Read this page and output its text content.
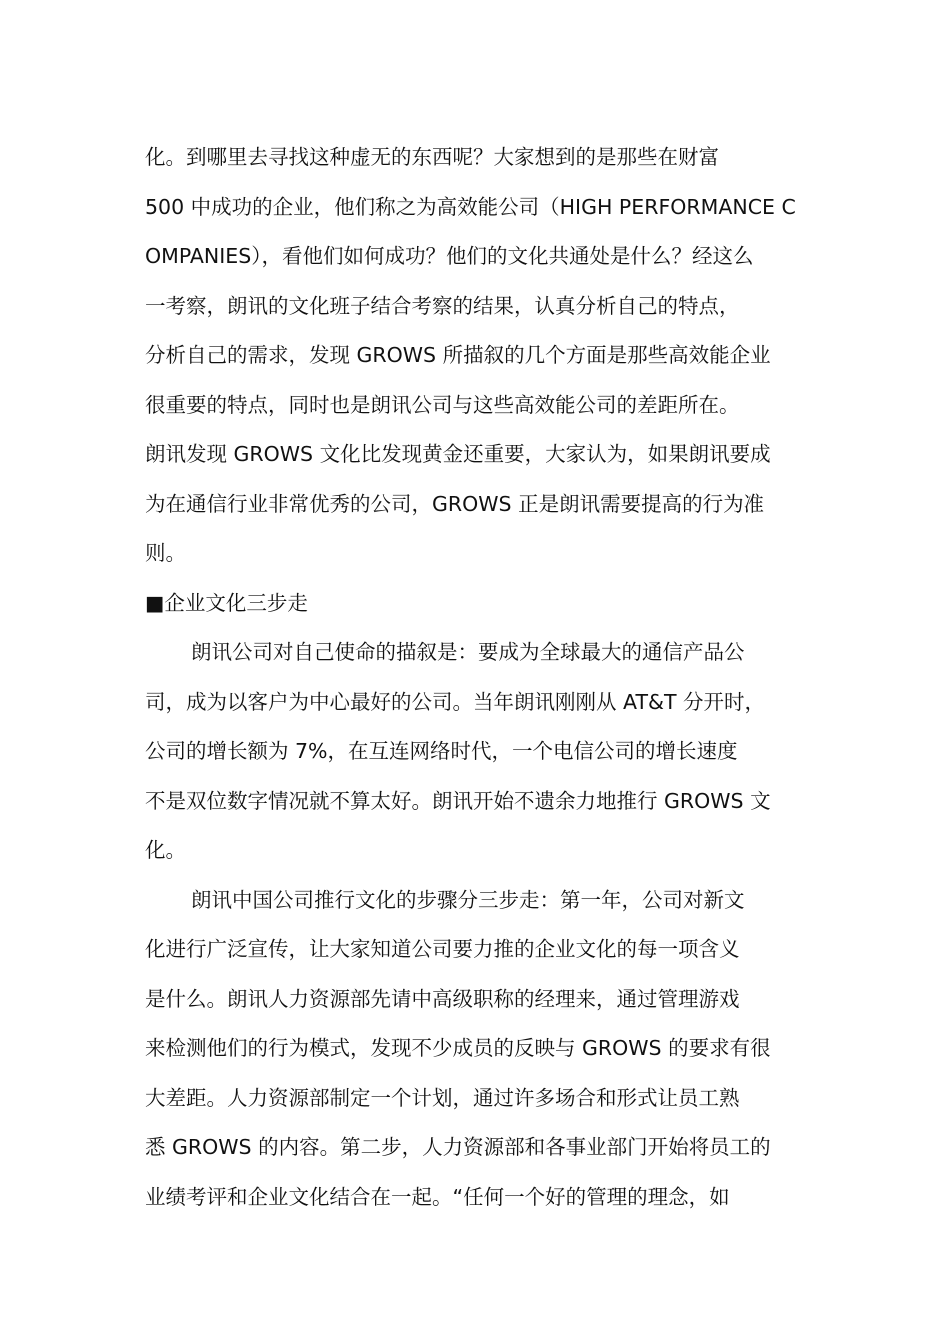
化。到哪里去寻找这种虚无的东西呢？大家想到的是那些在财富
500 中成功的企业，他们称之为高效能公司（HIGH PERFORMANCE C
OMPANIES），看他们如何成功？他们的文化共通处是什么？经这么
一考察，朗讯的文化班子结合考察的结果，认真分析自己的特点，
分析自己的需求，发现 GROWS 所描叙的几个方面是那些高效能企业
很重要的特点，同时也是朗讯公司与这些高效能公司的差距所在。
朗讯发现 GROWS 文化比发现黄金还重要，大家认为，如果朗讯要成
为在通信行业非常优秀的公司，GROWS 正是朗讯需要提高的行为准
则。
■企业文化三步走
朗讯公司对自己使命的描叙是：要成为全球最大的通信产品公
司，成为以客户为中心最好的公司。当年朗讯刚刚从 AT&T 分开时，
公司的增长额为 7%，在互连网络时代，一个电信公司的增长速度
不是双位数字情况就不算太好。朗讯开始不遗余力地推行 GROWS 文
化。
朗讯中国公司推行文化的步骤分三步走：第一年，公司对新文
化进行广泛宣传，让大家知道公司要力推的企业文化的每一项含义
是什么。朗讯人力资源部先请中高级职称的经理来，通过管理游戏
来检测他们的行为模式，发现不少成员的反映与 GROWS 的要求有很
大差距。人力资源部制定一个计划，通过许多场合和形式让员工熟
悉 GROWS 的内容。第二步，人力资源部和各事业部门开始将员工的
业绩考评和企业文化结合在一起。“任何一个好的管理的理念，如
